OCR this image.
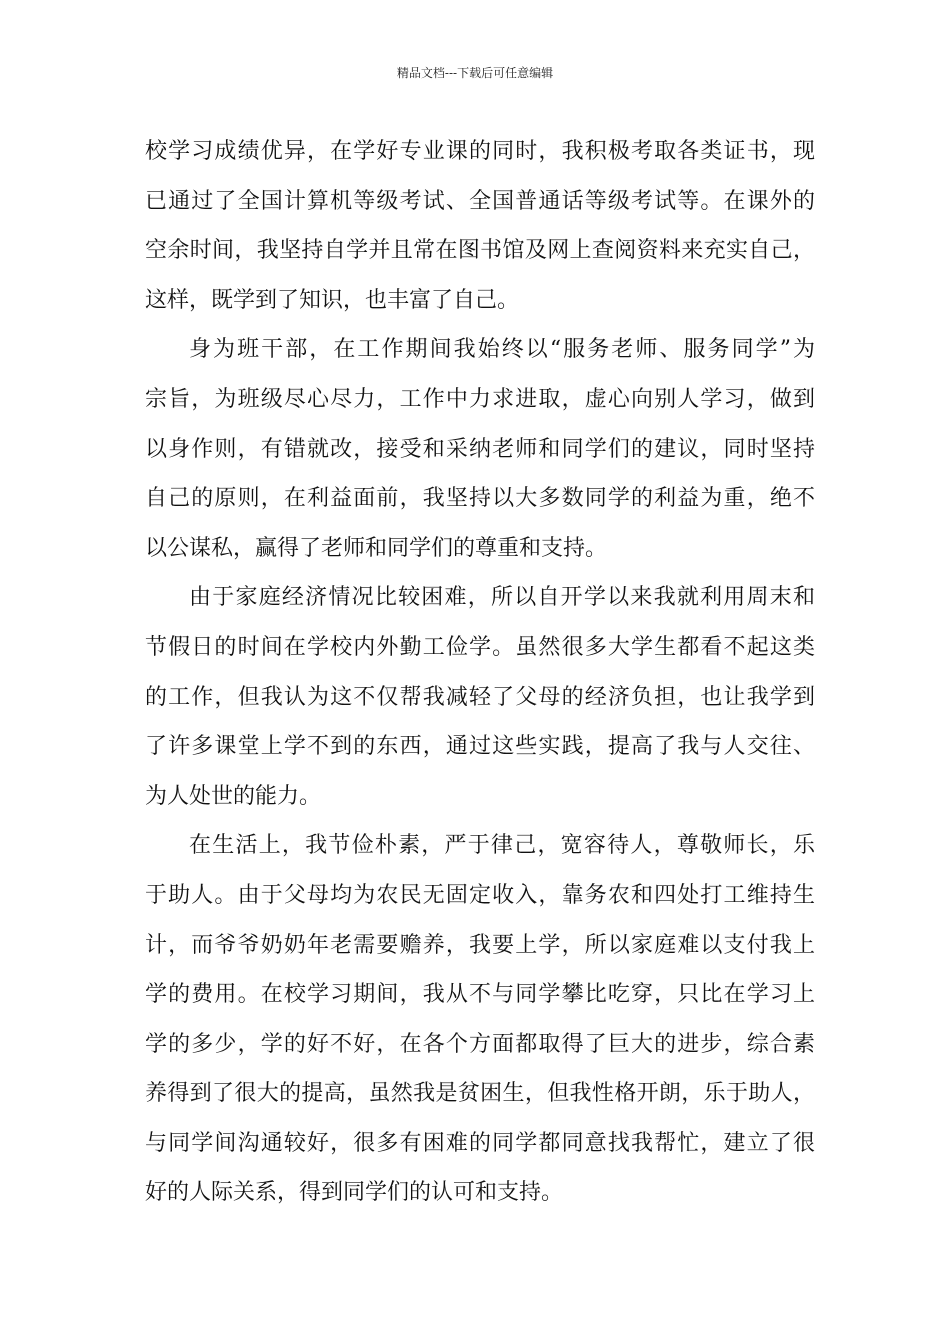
精品文档---下载后可任意编辑
校学习成绩优异，在学好专业课的同时，我积极考取各类证书，现
已通过了全国计算机等级考试、全国普通话等级考试等。在课外的
空余时间，我坚持自学并且常在图书馆及网上查阅资料来充实自己，
这样，既学到了知识，也丰富了自己。
身为班干部，在工作期间我始终以“服务老师、服务同学”为
宗旨，为班级尽心尽力，工作中力求进取，虚心向别人学习，做到
以身作则，有错就改，接受和采纳老师和同学们的建议，同时坚持
自己的原则，在利益面前，我坚持以大多数同学的利益为重，绝不
以公谋私，赢得了老师和同学们的尊重和支持。
由于家庭经济情况比较困难，所以自开学以来我就利用周末和
节假日的时间在学校内外勤工俭学。虽然很多大学生都看不起这类
的工作，但我认为这不仅帮我减轻了父母的经济负担，也让我学到
了许多课堂上学不到的东西，通过这些实践，提高了我与人交往、
为人处世的能力。
在生活上，我节俭朴素，严于律己，宽容待人，尊敬师长，乐
于助人。由于父母均为农民无固定收入，靠务农和四处打工维持生
计，而爷爷奶奶年老需要赡养，我要上学，所以家庭难以支付我上
学的费用。在校学习期间，我从不与同学攀比吃穿，只比在学习上
学的多少，学的好不好，在各个方面都取得了巨大的进步，综合素
养得到了很大的提高，虽然我是贫困生，但我性格开朗，乐于助人，
与同学间沟通较好，很多有困难的同学都同意找我帮忙，建立了很
好的人际关系，得到同学们的认可和支持。
